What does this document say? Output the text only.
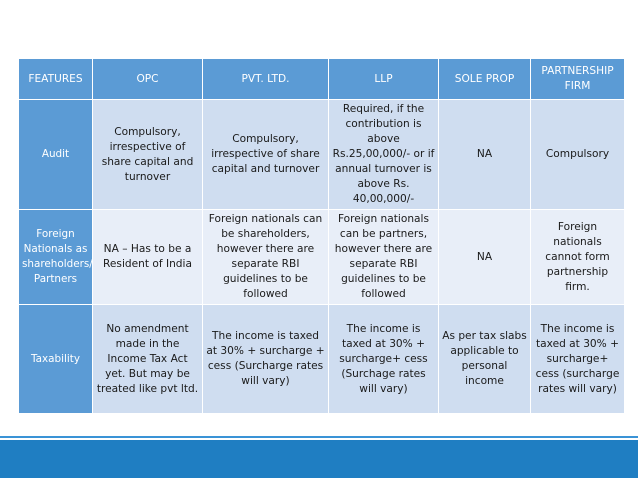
FEATURES	OPC	PVT. LTD.	LLP	SOLE PROP	PARTNERSHIP FIRM
Audit	Compulsory, irrespective of share capital and turnover	Compulsory, irrespective of share capital and turnover	Required, if the contribution is above Rs.25,00,000/- or if annual turnover is above Rs. 40,00,000/-	NA	Compulsory
Foreign Nationals as shareholders/ Partners	NA – Has to be a Resident of India	Foreign nationals can be shareholders, however there are separate RBI guidelines to be followed	Foreign nationals can be partners, however there are separate RBI guidelines to be followed	NA	Foreign nationals cannot form partnership firm.
Taxability	No amendment made in the Income Tax Act yet. But may be treated like pvt ltd.	The income is taxed at 30% + surcharge + cess (Surcharge rates will vary)	The income is taxed at 30% + surcharge+ cess (Surchage rates will vary)	As per tax slabs applicable to personal income	The income is taxed at 30% + surcharge+ cess (surcharge rates will vary)
